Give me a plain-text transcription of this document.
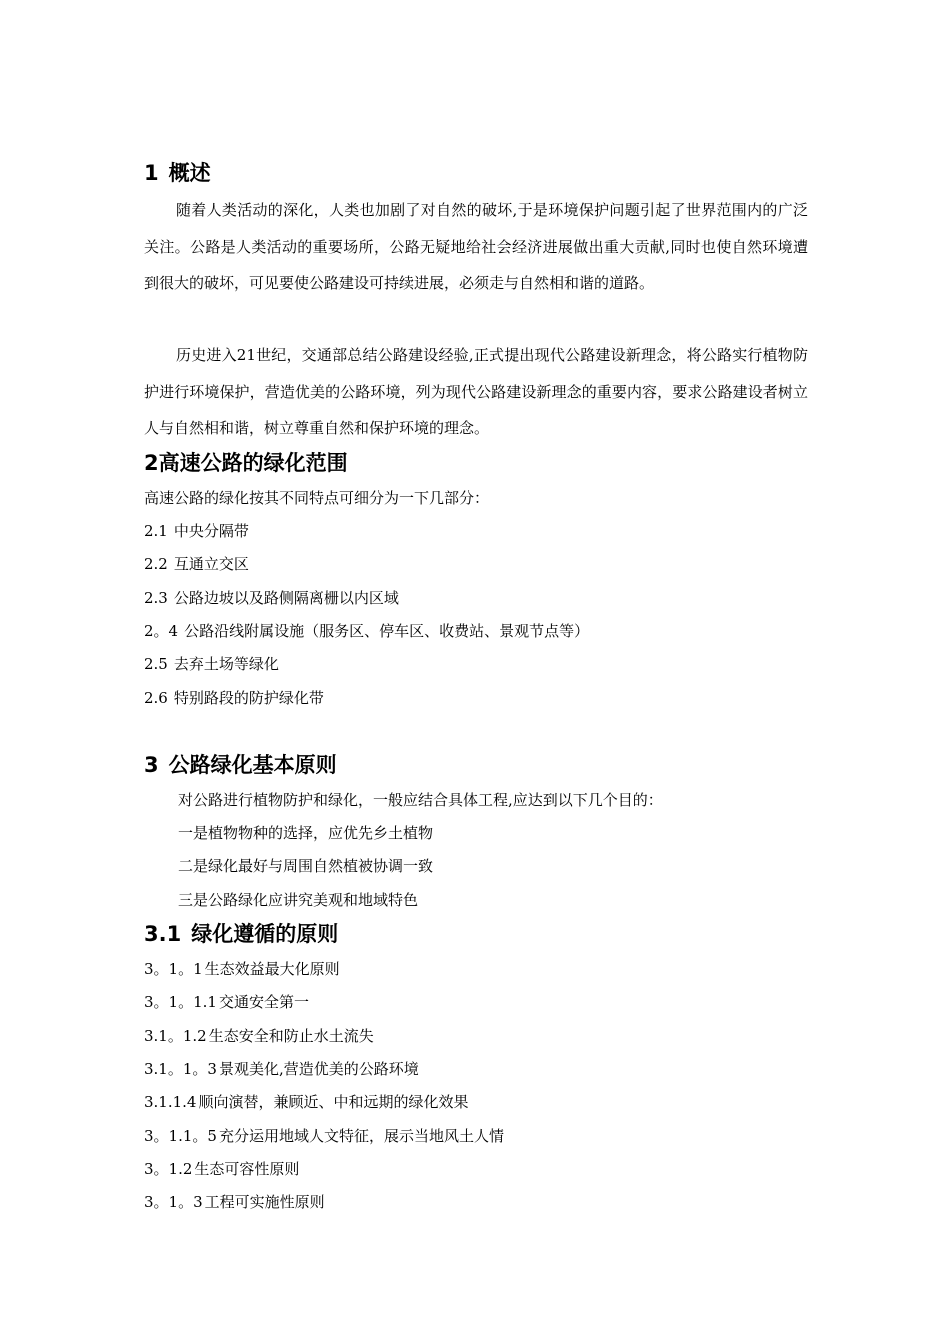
1 概述
随着人类活动的深化，人类也加剧了对自然的破坏,于是环境保护问题引起了世界范围内的广泛关注。公路是人类活动的重要场所，公路无疑地给社会经济进展做出重大贡献,同时也使自然环境遭到很大的破坏，可见要使公路建设可持续进展，必须走与自然相和谐的道路。
历史进入21世纪，交通部总结公路建设经验,正式提出现代公路建设新理念，将公路实行植物防护进行环境保护，营造优美的公路环境，列为现代公路建设新理念的重要内容，要求公路建设者树立人与自然相和谐，树立尊重自然和保护环境的理念。
2高速公路的绿化范围
高速公路的绿化按其不同特点可细分为一下几部分：
2.1 中央分隔带
2.2 互通立交区
2.3 公路边坡以及路侧隔离栅以内区域
2。4 公路沿线附属设施（服务区、停车区、收费站、景观节点等）
2.5 去弃土场等绿化
2.6 特别路段的防护绿化带
3 公路绿化基本原则
对公路进行植物防护和绿化，一般应结合具体工程,应达到以下几个目的：
一是植物物种的选择，应优先乡土植物
二是绿化最好与周围自然植被协调一致
三是公路绿化应讲究美观和地域特色
3.1 绿化遵循的原则
3。1。1 生态效益最大化原则
3。1。1.1 交通安全第一
3.1。1.2 生态安全和防止水土流失
3.1。1。3 景观美化,营造优美的公路环境
3.1.1.4 顺向演替，兼顾近、中和远期的绿化效果
3。1.1。5 充分运用地域人文特征，展示当地风土人情
3。1.2 生态可容性原则
3。1。3 工程可实施性原则
